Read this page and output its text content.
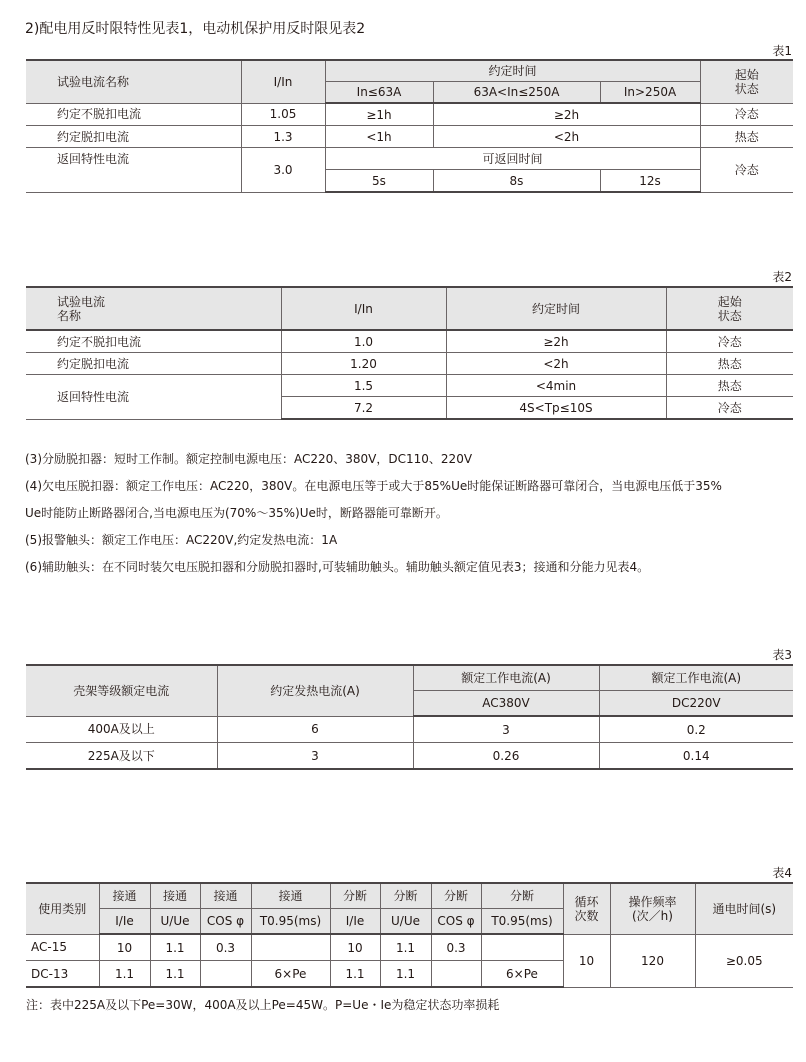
2)配电用反时限特性见表1，电动机保护用反时限见表2
表1
试验电流名称	I/In	约定时间			起始状态
		In≤63A	63A<In≤250A	In>250A	
约定不脱扣电流	1.05	≥1h	≥2h		冷态
约定脱扣电流	1.3	<1h	<2h		热态
返回特性电流	3.0	可返回时间			冷态
		5s	8s	12s	
表2
试验电流名称	I/In	约定时间	起始状态
约定不脱扣电流	1.0	≥2h	冷态
约定脱扣电流	1.20	<2h	热态
返回特性电流	1.5	<4min	热态
	7.2	4S<Tp≤10S	冷态
(3)分励脱扣器：短时工作制。额定控制电源电压：AC220、380V，DC110、220V
(4)欠电压脱扣器：额定工作电压：AC220，380V。在电源电压等于或大于85%Ue时能保证断路器可靠闭合，当电源电压低于35%
Ue时能防止断路器闭合,当电源电压为(70%～35%)Ue时，断路器能可靠断开。
(5)报警触头：额定工作电压：AC220V,约定发热电流：1A
(6)辅助触头：在不同时装欠电压脱扣器和分励脱扣器时,可装辅助触头。辅助触头额定值见表3；接通和分能力见表4。
表3
壳架等级额定电流	约定发热电流(A)	额定工作电流(A)	额定工作电流(A)
		AC380V	DC220V
400A及以上	6	3	0.2
225A及以下	3	0.26	0.14
表4
使用类别	接通	接通	接通	接通	分断	分断	分断	分断	循环次数	操作频率(次／h)	通电时间(s)
	I/Ie	U/Ue	COS φ	T0.95(ms)	I/Ie	U/Ue	COS φ	T0.95(ms)			
AC-15	10	1.1	0.3		10	1.1	0.3		10	120	≥0.05
DC-13	1.1	1.1		6×Pe	1.1	1.1		6×Pe			
注：表中225A及以下Pe=30W，400A及以上Pe=45W。P=Ue・Ie为稳定状态功率损耗
